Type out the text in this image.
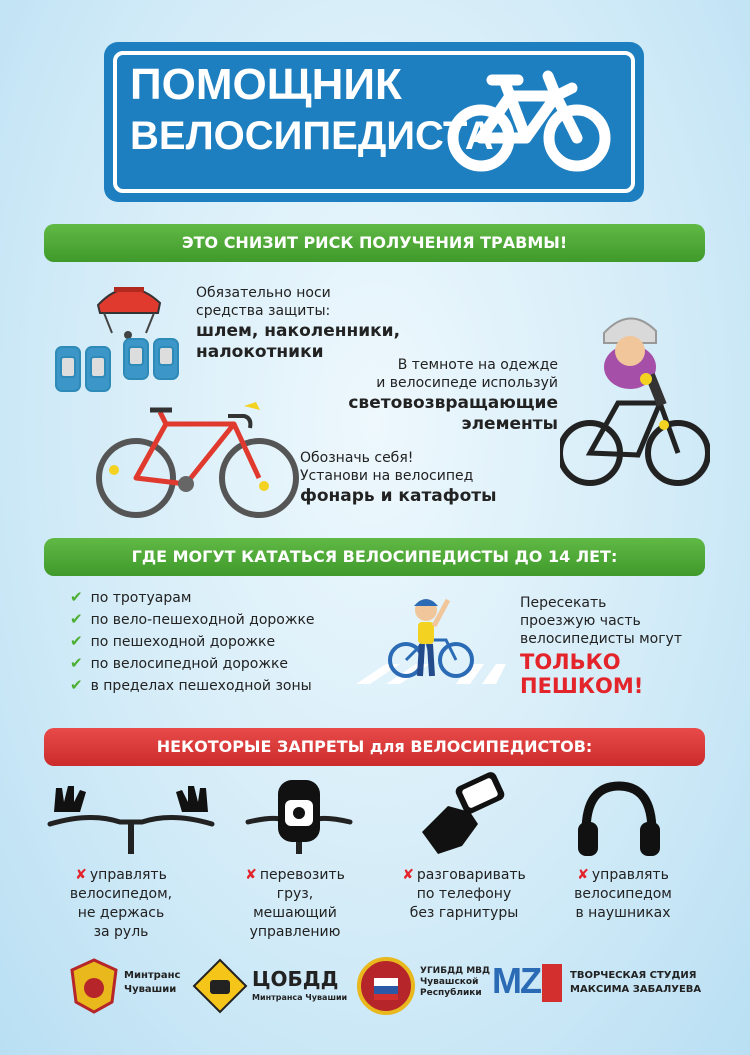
ПОМОЩНИК
ВЕЛОСИПЕДИСТА
ЭТО СНИЗИТ РИСК ПОЛУЧЕНИЯ ТРАВМЫ!
Обязательно носи
средства защиты:
шлем, наколенники,
налокотники
В темноте на одежде
и велосипеде используй
световозвращающие
элементы
Обозначь себя!
Установи на велосипед
фонарь и катафоты
ГДЕ МОГУТ КАТАТЬСЯ ВЕЛОСИПЕДИСТЫ ДО 14 ЛЕТ:
✔ по тротуарам
✔ по вело-пешеходной дорожке
✔ по пешеходной дорожке
✔ по велосипедной дорожке
✔ в пределах пешеходной зоны
Пересекать
проезжую часть
велосипедисты могут
ТОЛЬКО
ПЕШКОМ!
НЕКОТОРЫЕ ЗАПРЕТЫ для ВЕЛОСИПЕДИСТОВ:
✘ управлять
велосипедом,
не держась
за руль
✘ перевозить
груз,
мешающий
управлению
✘ разговаривать
по телефону
без гарнитуры
✘ управлять
велосипедом
в наушниках
Минтранс
Чувашии	ЦОБДД
Минтранса Чувашии
УГИБДД МВД
Чувашской
Республики MZ	ТВОРЧЕСКАЯ СТУДИЯ
МАКСИМА ЗАБАЛУЕВА
